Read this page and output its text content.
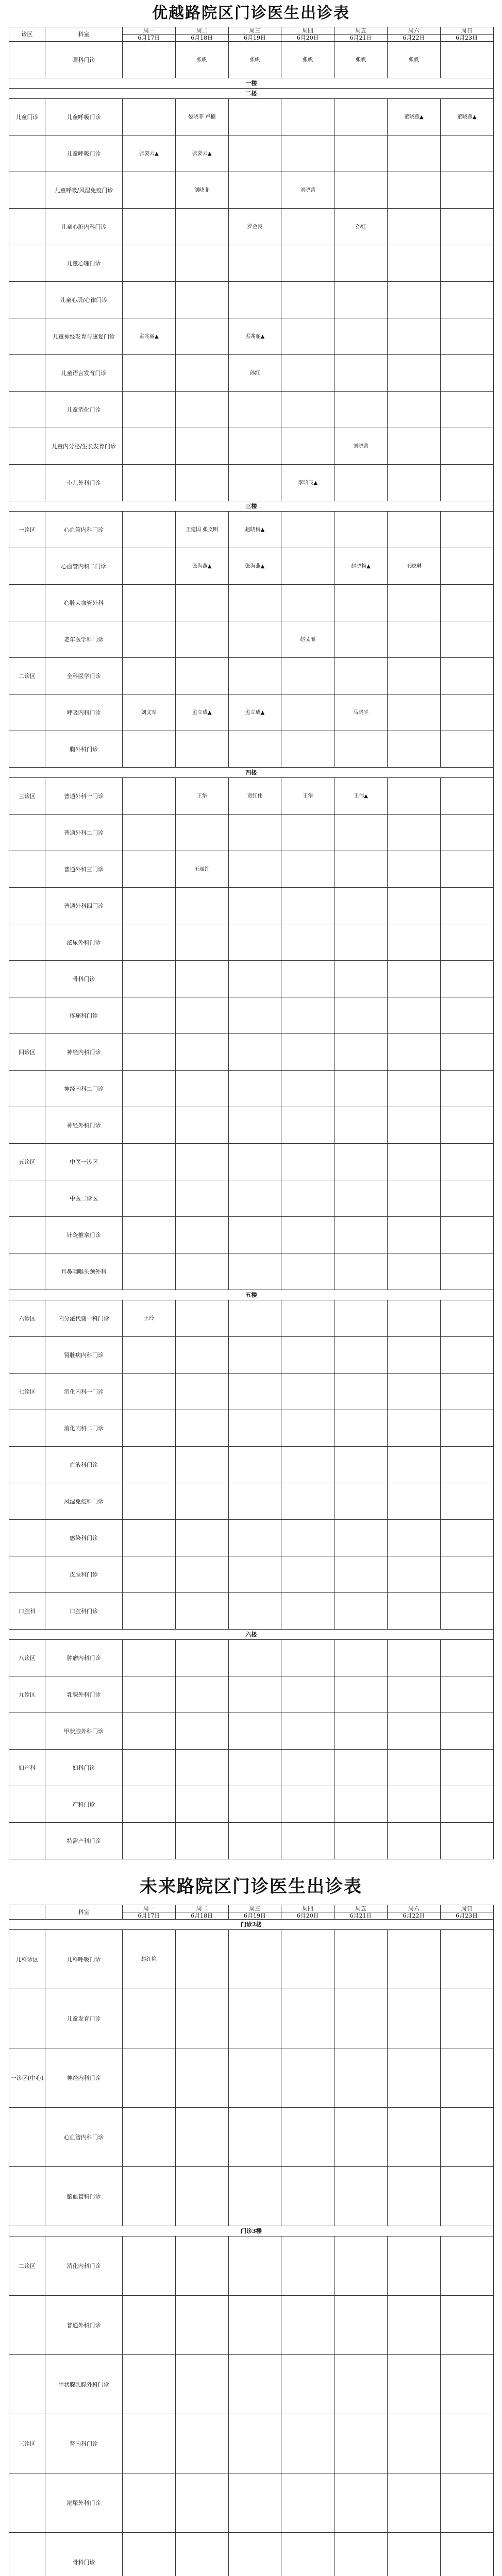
优越路院区门诊医生出诊表
诊区	科室	周一	周二	周三	周四	周五	周六	周日
		6月17日	6月18日	6月19日	6月20日	6月21日	6月22日	6月23日
	眼科门诊		张帆	张帆	张帆	张帆	张帆	
一楼								
二楼								
儿童门诊	儿童呼吸门诊		晏晓菲 卢楠				董晓燕▲	董晓燕▲
	儿童呼吸门诊	张姿云▲	张姿云▲					
	儿童呼吸/风湿免疫门诊		刘晓菲		刘晓蕾			
	儿童心脏内科门诊			罗金良		孙红		
	儿童心理门诊							
	儿童心肌/心律门诊							
	儿童神经发育与康复门诊	孟兆丽▲		孟兆丽▲				
	儿童语言发育门诊			孙红				
	儿童消化门诊							
	儿童内分泌/生长发育门诊					刘晓蕾		
	小儿外科门诊				李昭飞▲			
三楼								
一诊区	心血管内科门诊		王建国 张文明	赵晓梅▲				
	心血管内科二门诊		张海燕▲	张海燕▲		赵晓梅▲	王晓琳	
	心脏大血管外科							
	老年医学科门诊				赵艾丽			
二诊区	全科医学门诊							
	呼吸内科门诊	刘文军	孟立成▲	孟立成▲		马晓平		
	胸外科门诊							
四楼								
三诊区	普通外科一门诊		王华	贾红伟	王华	王伟▲		
	普通外科二门诊							
	普通外科三门诊		王丽红					
	普通外科四门诊							
	泌尿外科门诊							
	骨科门诊							
	疼痛科门诊							
四诊区	神经内科门诊							
	神经内科二门诊							
	神经外科门诊							
五诊区	中医一诊区							
	中医二诊区							
	针灸推拿门诊							
	耳鼻咽喉头颈外科							
五楼								
六诊区	内分泌代谢一科门诊	王玲						
	肾脏病内科门诊							
七诊区	消化内科一门诊							
	消化内科二门诊							
	血液科门诊							
	风湿免疫科门诊							
	感染科门诊							
	皮肤科门诊							
口腔科	口腔科门诊							
六楼								
八诊区	肿瘤内科门诊							
九诊区	乳腺外科门诊							
	甲状腺外科门诊							
妇产科	妇科门诊							
	产科门诊							
	特需产科门诊							
未来路院区门诊医生出诊表
	科室	周一	周二	周三	周四	周五	周六	周日
		6月17日	6月18日	6月19日	6月20日	6月21日	6月22日	6月23日
门诊2楼								
儿科诊区	儿科呼吸门诊	赵红艳						
	儿童发育门诊							
一诊区(中心)	神经内科门诊							
	心血管内科门诊							
	脑血管科门诊							
门诊3楼								
二诊区	消化内科门诊							
	普通外科门诊							
	甲状腺乳腺外科门诊							
三诊区	肾内科门诊							
	泌尿外科门诊							
	骨科门诊							
